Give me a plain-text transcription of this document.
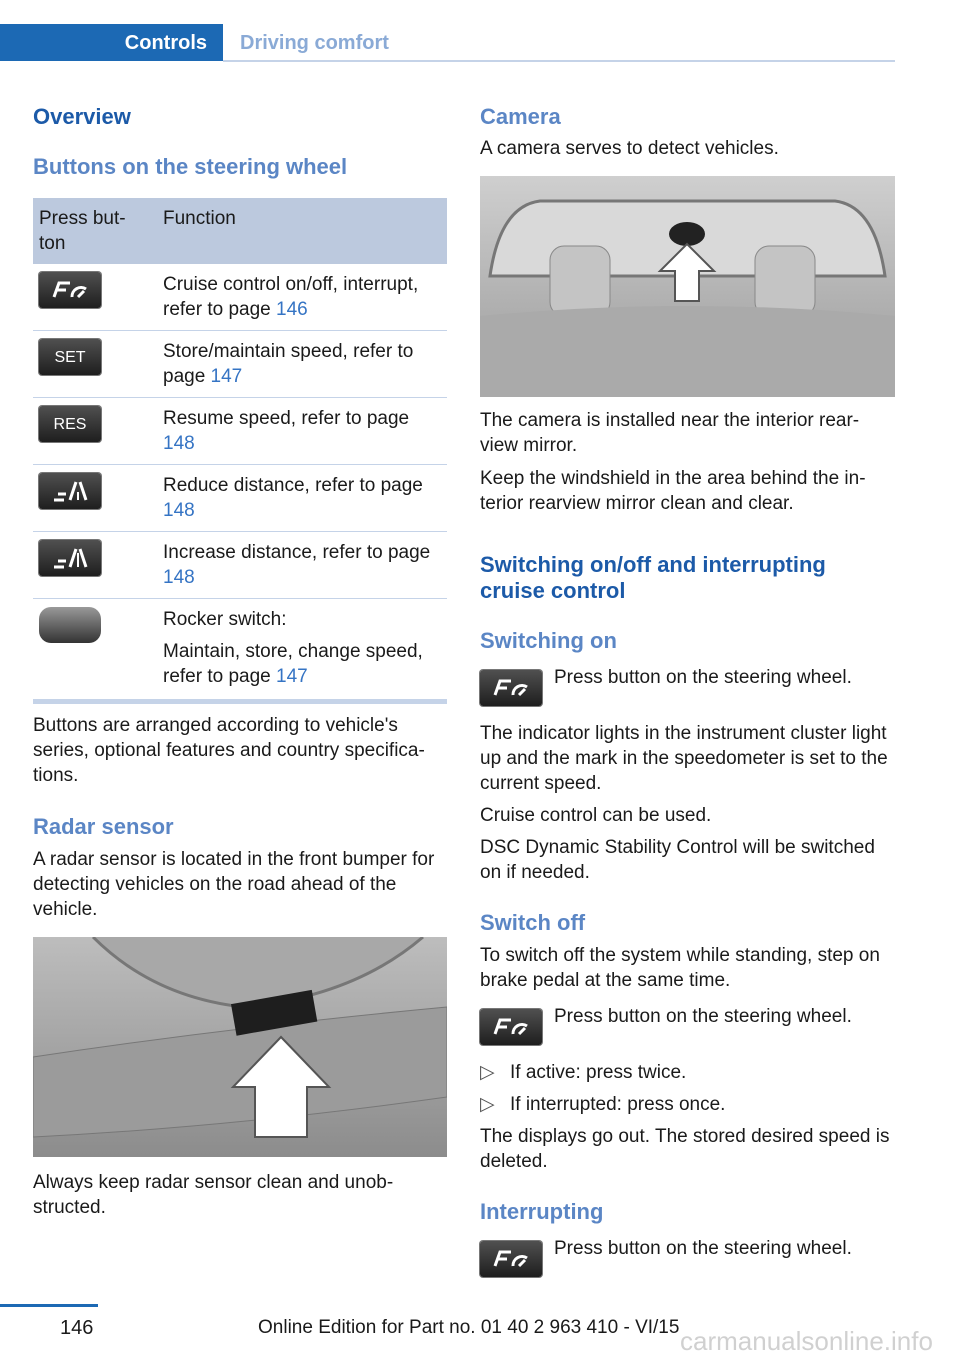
Controls Driving comfort
Overview
Buttons on the steering wheel
Press but-ton	Function

	Cruise control on/off, interrupt, refer to page 146

SET	Store/maintain speed, refer to page 147

RES	Resume speed, refer to page 148

	Reduce distance, refer to page 148

	Increase distance, refer to page 148

	Rocker switch:
Maintain, store, change speed, refer to page 147
Buttons are arranged according to vehicle's series, optional features and country specifica-tions.
Radar sensor
A radar sensor is located in the front bumper for detecting vehicles on the road ahead of the vehicle.
Always keep radar sensor clean and unob-structed.
Camera
A camera serves to detect vehicles.
The camera is installed near the interior rear-view mirror.
Keep the windshield in the area behind the in-terior rearview mirror clean and clear.
Switching on/off and interrupting cruise control
Switching on
Press button on the steering wheel.
The indicator lights in the instrument cluster light up and the mark in the speedometer is set to the current speed.
Cruise control can be used.
DSC Dynamic Stability Control will be switched on if needed.
Switch off
To switch off the system while standing, step on brake pedal at the same time.
Press button on the steering wheel.
▷ If active: press twice.
▷ If interrupted: press once.
The displays go out. The stored desired speed is deleted.
Interrupting
Press button on the steering wheel.
146	Online Edition for Part no. 01 40 2 963 410 - VI/15 carmanualsonline.info
